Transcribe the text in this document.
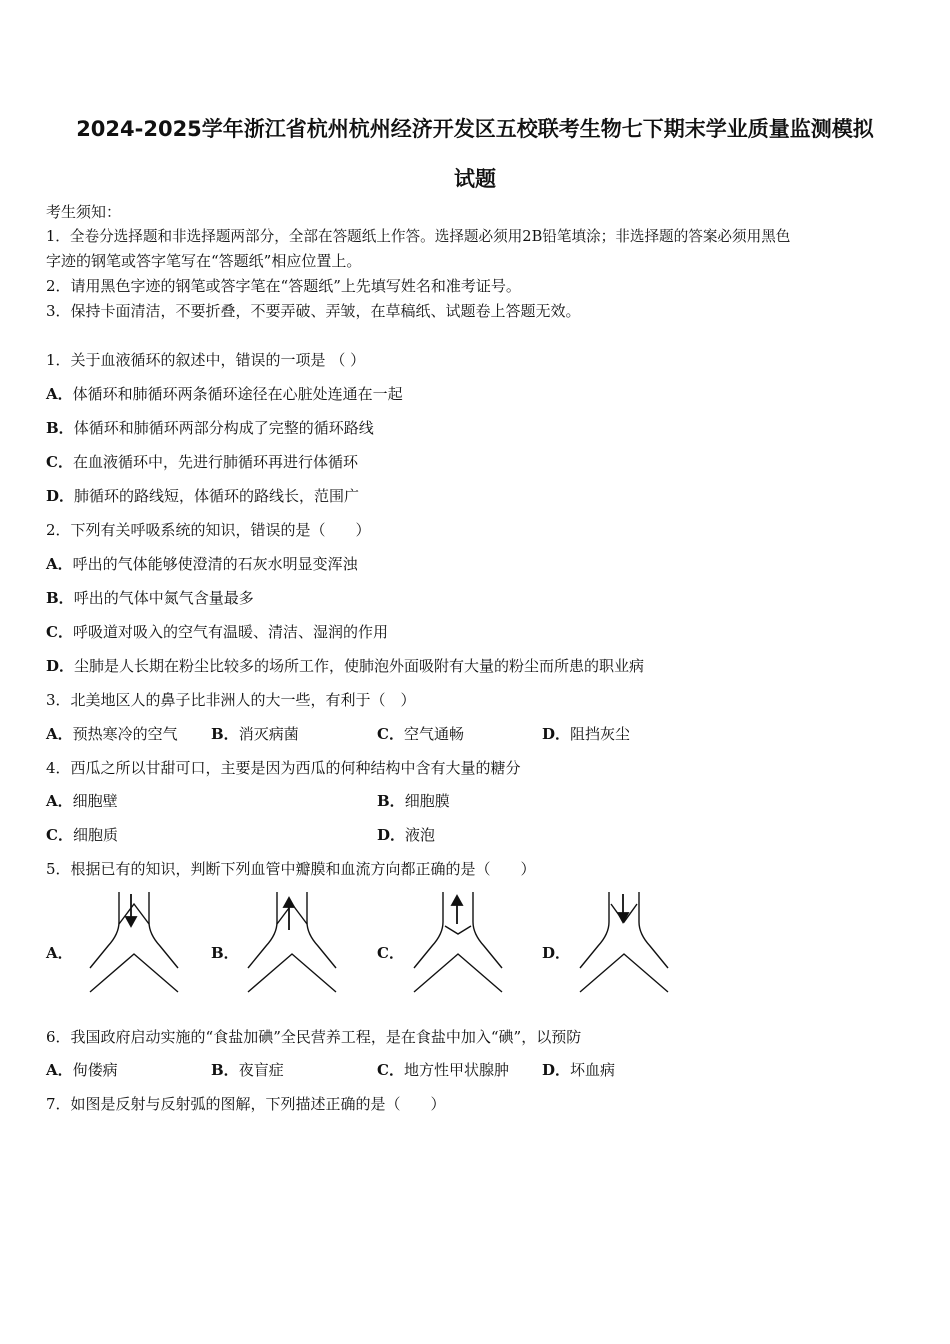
2024-2025学年浙江省杭州杭州经济开发区五校联考生物七下期末学业质量监测模拟
试题
考生须知：
1．全卷分选择题和非选择题两部分，全部在答题纸上作答。选择题必须用2B铅笔填涂；非选择题的答案必须用黑色
字迹的钢笔或答字笔写在“答题纸”相应位置上。
2．请用黑色字迹的钢笔或答字笔在“答题纸”上先填写姓名和准考证号。
3．保持卡面清洁，不要折叠，不要弄破、弄皱，在草稿纸、试题卷上答题无效。
1．关于血液循环的叙述中，错误的一项是 （ ）
A．体循环和肺循环两条循环途径在心脏处连通在一起
B．体循环和肺循环两部分构成了完整的循环路线
C．在血液循环中，先进行肺循环再进行体循环
D．肺循环的路线短，体循环的路线长，范围广
2．下列有关呼吸系统的知识，错误的是（　　）
A．呼出的气体能够使澄清的石灰水明显变浑浊
B．呼出的气体中氮气含量最多
C．呼吸道对吸入的空气有温暖、清洁、湿润的作用
D．尘肺是人长期在粉尘比较多的场所工作，使肺泡外面吸附有大量的粉尘而所患的职业病
3．北美地区人的鼻子比非洲人的大一些，有利于（　）
A．预热寒冷的空气 B．消灭病菌	C．空气通畅	D．阻挡灰尘
4．西瓜之所以甘甜可口，主要是因为西瓜的何种结构中含有大量的糖分
A．细胞壁	B．细胞膜
C．细胞质	D．液泡
5．根据已有的知识，判断下列血管中瓣膜和血流方向都正确的是（　　）
A．	B．	C．	D．
6．我国政府启动实施的“食盐加碘”全民营养工程，是在食盐中加入“碘”，以预防
A．佝偻病	B．夜盲症	C．地方性甲状腺肿 D．坏血病
7．如图是反射与反射弧的图解，下列描述正确的是（　　）
